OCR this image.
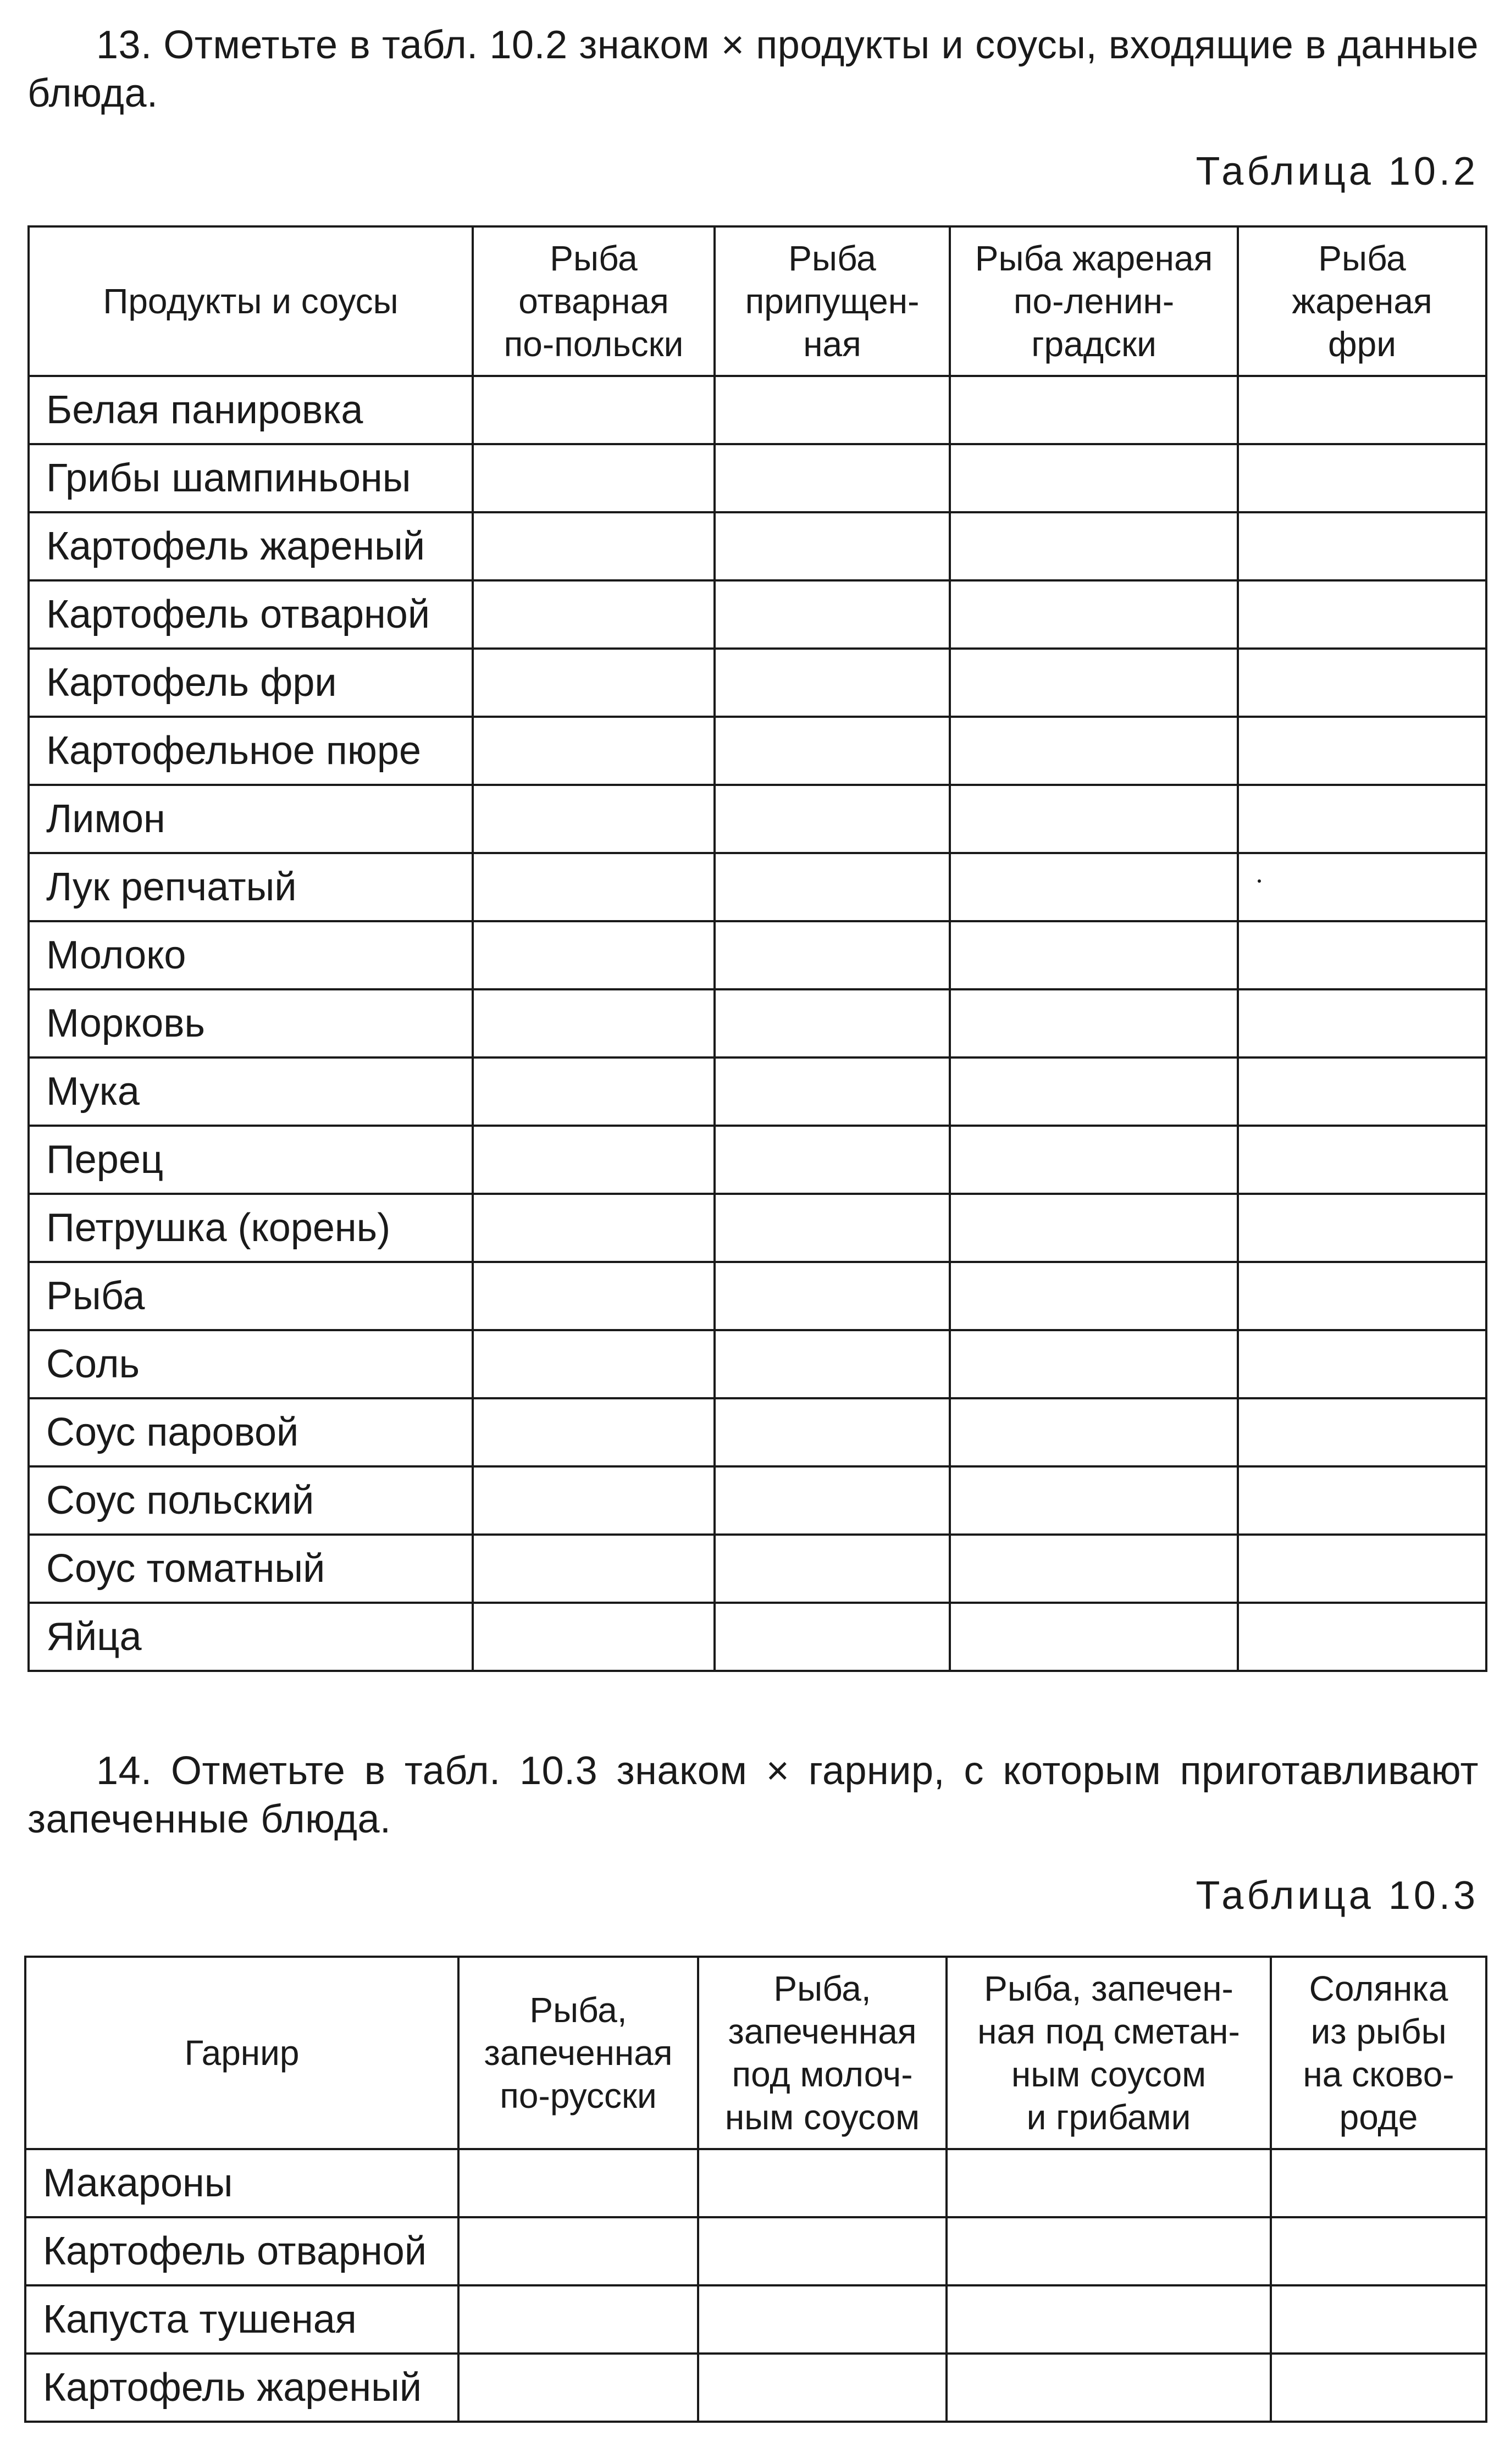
13. Отметьте в табл. 10.2 знаком × продукты и соусы, входящие в данные блюда.

Таблица 10.2
Продукты и соусы	Рыба
отварная
по-польски	Рыба
припущен-
ная	Рыба жареная
по-ленин-
градски	Рыба
жареная
фри
Белая панировка				
Грибы шампиньоны				
Картофель жареный				
Картофель отварной				
Картофель фри				
Картофельное пюре				
Лимон				
Лук репчатый				
Молоко				
Морковь				
Мука				
Перец				
Петрушка (корень)				
Рыба				
Соль				
Соус паровой				
Соус польский				
Соус томатный				
Яйца				

14. Отметьте в табл. 10.3 знаком × гарнир, с которым приготавливают запеченные блюда.

Таблица 10.3
Гарнир	Рыба,
запеченная
по-русски	Рыба,
запеченная
под молоч-
ным соусом	Рыба, запечен-
ная под сметан-
ным соусом
и грибами	Солянка
из рыбы
на сково-
роде
Макароны				
Картофель отварной				
Капуста тушеная				
Картофель жареный				
